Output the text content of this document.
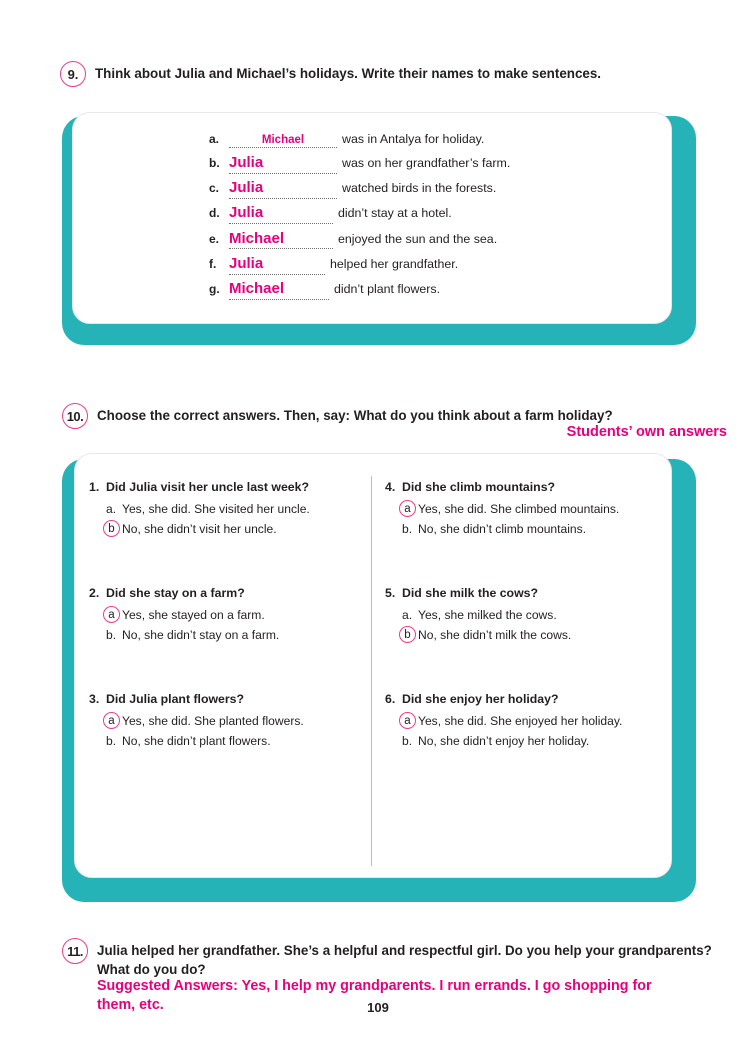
9.	Think about Julia and Michael’s holidays. Write their names to make sentences.
a.	Michael	was in Antalya for holiday.
b. Julia	was on her grandfather’s farm.
c. Julia	watched birds in the forests.
d. Julia	didn’t stay at a hotel.
e. Michael	enjoyed the sun and the sea.
f. Julia	helped her grandfather.
g. Michael	didn’t plant flowers.
10.	Choose the correct answers. Then, say: What do you think about a farm holiday?
Students’ own answers
1. Did Julia visit her uncle last week?
a. Yes, she did. She visited her uncle.
b No, she didn’t visit her uncle.
2. Did she stay on a farm?
a Yes, she stayed on a farm.
b. No, she didn’t stay on a farm.
3. Did Julia plant flowers?
a Yes, she did. She planted flowers.
b. No, she didn’t plant flowers.
4. Did she climb mountains?
a Yes, she did. She climbed mountains.
b. No, she didn’t climb mountains.
5. Did she milk the cows?
a. Yes, she milked the cows.
b No, she didn’t milk the cows.
6. Did she enjoy her holiday?
a Yes, she did. She enjoyed her holiday.
b. No, she didn’t enjoy her holiday.
11.	Julia helped her grandfather. She’s a helpful and respectful girl. Do you help your grandparents? What do you do?
Suggested Answers: Yes, I help my grandparents. I run errands. I go shopping for them, etc.	109
